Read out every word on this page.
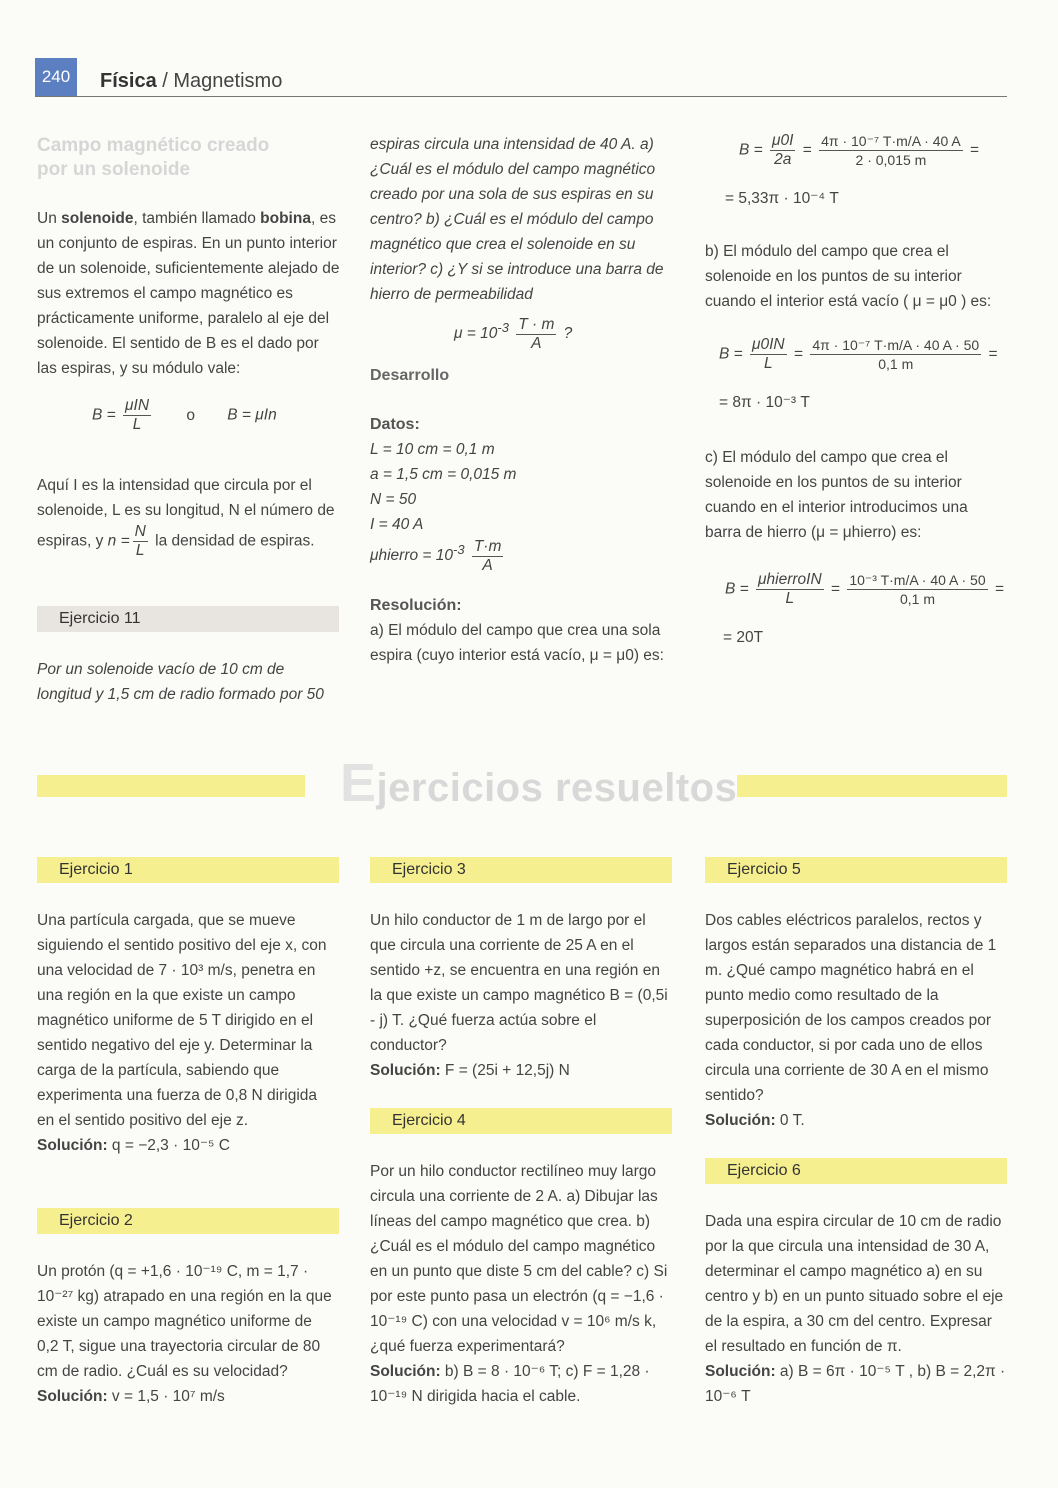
240	Física / Magnetismo
Campo magnético creado
por un solenoide

Un solenoide, también llamado bobina, es un conjunto de espiras. En un punto interior de un solenoide, suficientemente alejado de sus extremos el campo magnético es prácticamente uniforme, paralelo al eje del solenoide. El sentido de B es el dado por las espiras, y su módulo vale:

$B = \frac{\text{μIN}}{L}$ o B = μIn

Aquí I es la intensidad que circula por el solenoide, L es su longitud, N el número de espiras, y $n = \frac{N}{L}$ la densidad de espiras.

Ejercicio 11
Por un solenoide vacío de 10 cm de longitud y 1,5 cm de radio formado por 50
espiras circula una intensidad de 40 A. a) ¿Cuál es el módulo del campo magnético creado por una sola de sus espiras en su centro? b) ¿Cuál es el módulo del campo magnético que crea el solenoide en su interior? c) ¿Y si se introduce una barra de hierro de permeabilidad
$\mu = 10^{-3} \frac{T \cdot m}{A}$ ?
Desarrollo
Datos:
L = 10 cm = 0,1 m
a = 1,5 cm = 0,015 m
N = 50
I = 40 A
μhierro = $10^{-3} \frac{T\cdot m}{A}$
Resolución:

a) El módulo del campo que crea una sola espira (cuyo interior está vacío, μ = μ0) es:

$B = \frac{\mu 0I}{2a} = \frac{\text{4π · 10⁻⁷ T·m/A · 40 A}}{2 \cdot 0,015 m}$ =
= 5,33π · 10⁻⁴ T

b) El módulo del campo que crea el solenoide en los puntos de su interior cuando el interior está vacío ( μ = μ0 ) es:

$B = \frac{\mu 0IN}{L} = \frac{\text{4π · 10⁻⁷ T·m/A · 40 A · 50}}{0,1 m}$ =
= 8π · 10⁻³ T

c) El módulo del campo que crea el solenoide en los puntos de su interior cuando en el interior introducimos una barra de hierro (μ = μhierro) es:

$B = \frac{\text{μhierroIN}}{L} = \frac{\text{10⁻³ T·m/A · 40 A · 50}}{0,1 m}$ =
= 20T
Ejercicios resueltos
Ejercicio 1

Una partícula cargada, que se mueve siguiendo el sentido positivo del eje x, con una velocidad de 7 · 10³ m/s, penetra en una región en la que existe un campo magnético uniforme de 5 T dirigido en el sentido negativo del eje y. Determinar la carga de la partícula, sabiendo que experimenta una fuerza de 0,8 N dirigida en el sentido positivo del eje z.

Solución: q = −2,3 · 10⁻⁵ C

Ejercicio 2

Un protón (q = +1,6 · 10⁻¹⁹ C, m = 1,7 · 10⁻²⁷ kg) atrapado en una región en la que existe un campo magnético uniforme de 0,2 T, sigue una trayectoria circular de 80 cm de radio. ¿Cuál es su velocidad?

Solución: v = 1,5 · 10⁷ m/s

Ejercicio 3

Un hilo conductor de 1 m de largo por el que circula una corriente de 25 A en el sentido +z, se encuentra en una región en la que existe un campo magnético B = (0,5i - j) T. ¿Qué fuerza actúa sobre el conductor?

Solución: F = (25i + 12,5j) N

Ejercicio 4

Por un hilo conductor rectilíneo muy largo circula una corriente de 2 A. a) Dibujar las líneas del campo magnético que crea. b) ¿Cuál es el módulo del campo magnético en un punto que diste 5 cm del cable? c) Si por este punto pasa un electrón (q = −1,6 · 10⁻¹⁹ C) con una velocidad v = 10⁶ m/s k, ¿qué fuerza experimentará?

Solución: b) B = 8 · 10⁻⁶ T; c) F = 1,28 · 10⁻¹⁹ N dirigida hacia el cable.

Ejercicio 5

Dos cables eléctricos paralelos, rectos y largos están separados una distancia de 1 m. ¿Qué campo magnético habrá en el punto medio como resultado de la superposición de los campos creados por cada conductor, si por cada uno de ellos circula una corriente de 30 A en el mismo sentido?

Solución: 0 T.

Ejercicio 6

Dada una espira circular de 10 cm de radio por la que circula una intensidad de 30 A, determinar el campo magnético a) en su centro y b) en un punto situado sobre el eje de la espira, a 30 cm del centro. Expresar el resultado en función de π.

Solución: a) B = 6π · 10⁻⁵ T , b) B = 2,2π · 10⁻⁶ T
